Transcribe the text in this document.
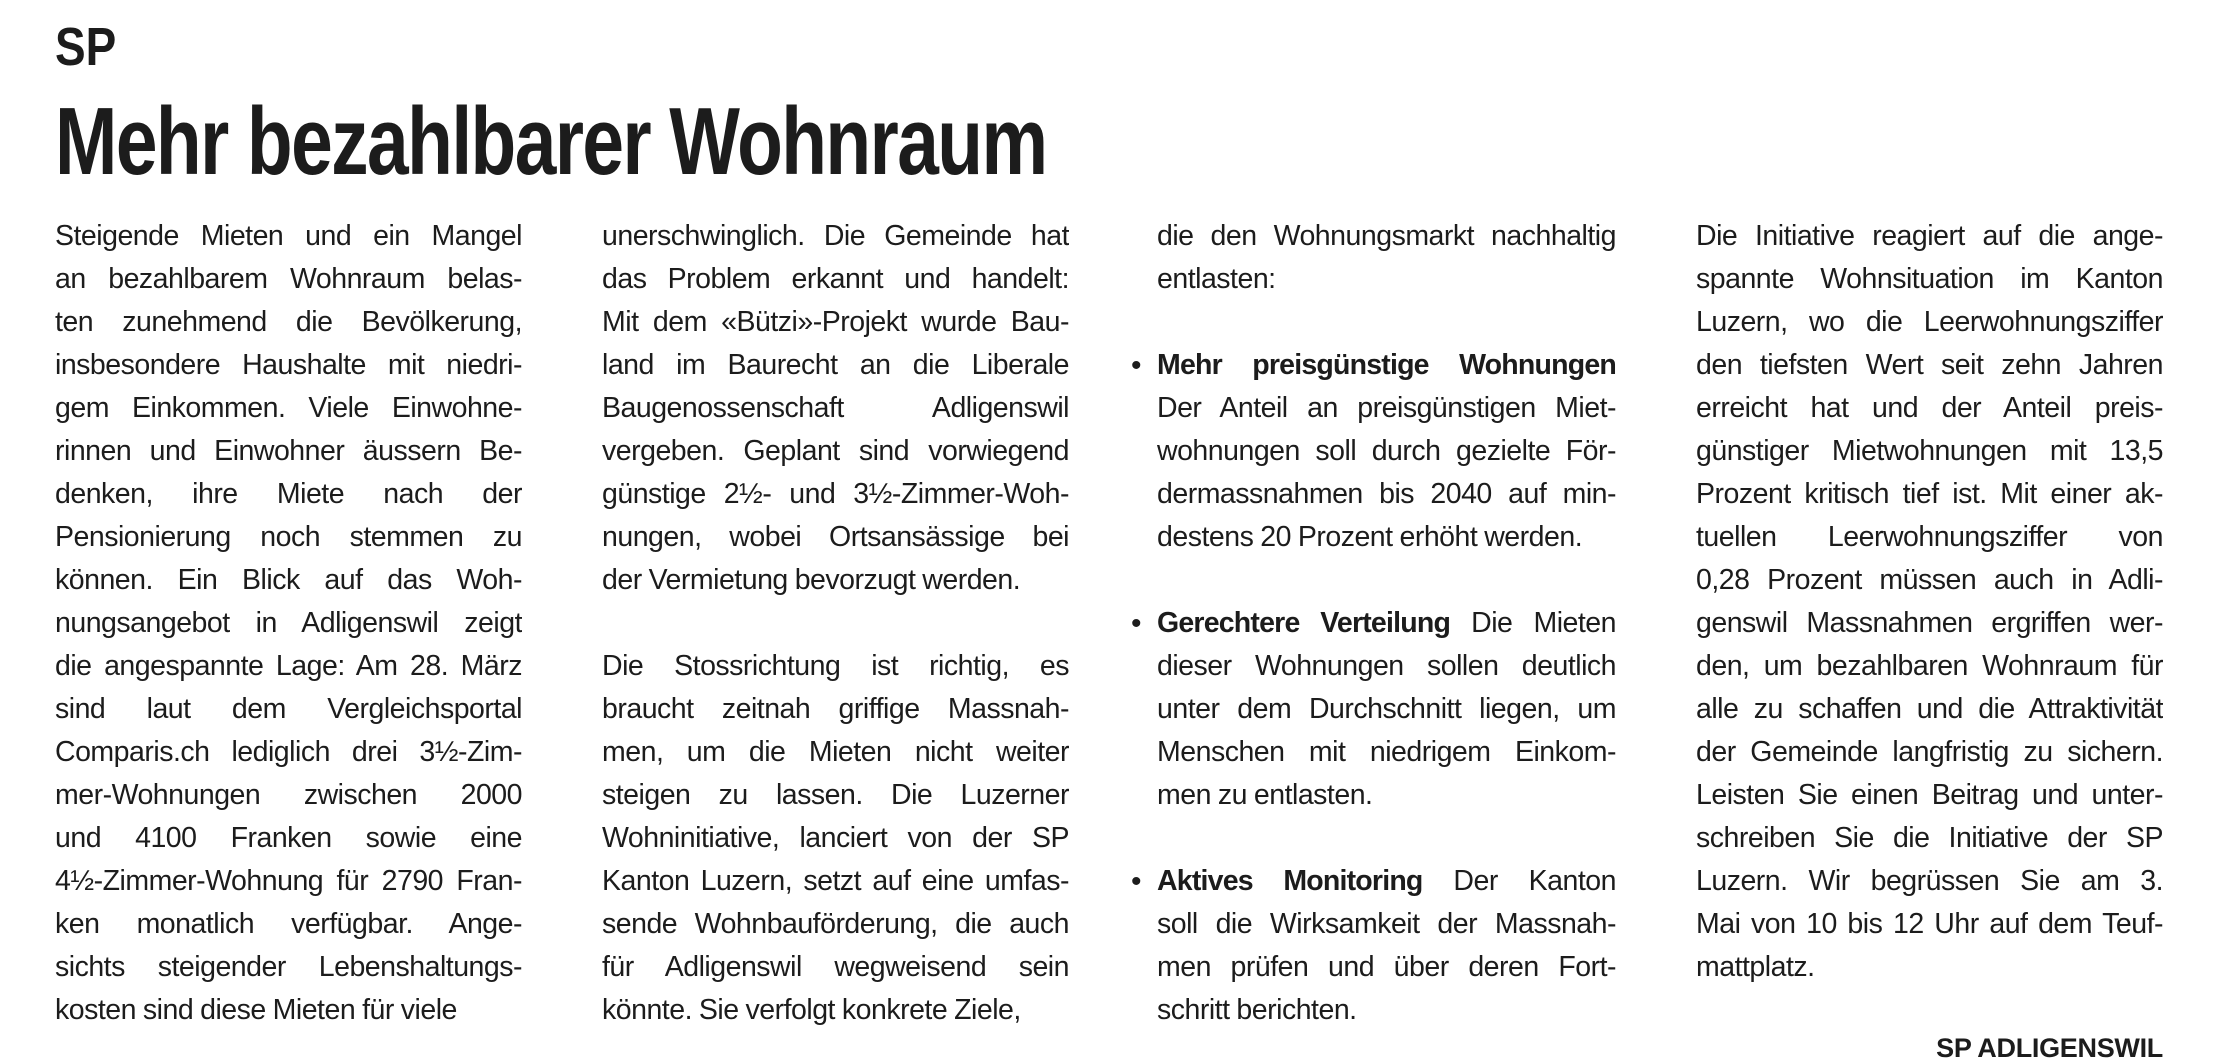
SP
Mehr bezahlbarer Wohnraum
Steigende Mieten und ein Mangel
an bezahlbarem Wohnraum belas-
ten zunehmend die Bevölkerung,
insbesondere Haushalte mit niedri-
gem Einkommen. Viele Einwohne-
rinnen und Einwohner äussern Be-
denken, ihre Miete nach der
Pensionierung noch stemmen zu
können. Ein Blick auf das Woh-
nungsangebot in Adligenswil zeigt
die angespannte Lage: Am 28. März
sind laut dem Vergleichsportal
Comparis.ch lediglich drei 3½-Zim-
mer-Wohnungen zwischen 2000
und 4100 Franken sowie eine
4½-Zimmer-Wohnung für 2790 Fran-
ken monatlich verfügbar. Ange-
sichts steigender Lebenshaltungs-
kosten sind diese Mieten für viele
unerschwinglich. Die Gemeinde hat
das Problem erkannt und handelt:
Mit dem «Bützi»-Projekt wurde Bau-
land im Baurecht an die Liberale
Baugenossenschaft Adligenswil
vergeben. Geplant sind vorwiegend
günstige 2½- und 3½-Zimmer-Woh-
nungen, wobei Ortsansässige bei
der Vermietung bevorzugt werden.
Die Stossrichtung ist richtig, es
braucht zeitnah griffige Massnah-
men, um die Mieten nicht weiter
steigen zu lassen. Die Luzerner
Wohninitiative, lanciert von der SP
Kanton Luzern, setzt auf eine umfas-
sende Wohnbauförderung, die auch
für Adligenswil wegweisend sein
könnte. Sie verfolgt konkrete Ziele,
die den Wohnungsmarkt nachhaltig
entlasten:
• Mehr preisgünstige Wohnungen
Der Anteil an preisgünstigen Miet-
wohnungen soll durch gezielte För-
dermassnahmen bis 2040 auf min-
destens 20 Prozent erhöht werden.
• Gerechtere Verteilung Die Mieten
dieser Wohnungen sollen deutlich
unter dem Durchschnitt liegen, um
Menschen mit niedrigem Einkom-
men zu entlasten.
• Aktives Monitoring Der Kanton
soll die Wirksamkeit der Massnah-
men prüfen und über deren Fort-
schritt berichten.
Die Initiative reagiert auf die ange-
spannte Wohnsituation im Kanton
Luzern, wo die Leerwohnungsziffer
den tiefsten Wert seit zehn Jahren
erreicht hat und der Anteil preis-
günstiger Mietwohnungen mit 13,5
Prozent kritisch tief ist. Mit einer ak-
tuellen Leerwohnungsziffer von
0,28 Prozent müssen auch in Adli-
genswil Massnahmen ergriffen wer-
den, um bezahlbaren Wohnraum für
alle zu schaffen und die Attraktivität
der Gemeinde langfristig zu sichern.
Leisten Sie einen Beitrag und unter-
schreiben Sie die Initiative der SP
Luzern. Wir begrüssen Sie am 3.
Mai von 10 bis 12 Uhr auf dem Teuf-
mattplatz.
SP ADLIGENSWIL
